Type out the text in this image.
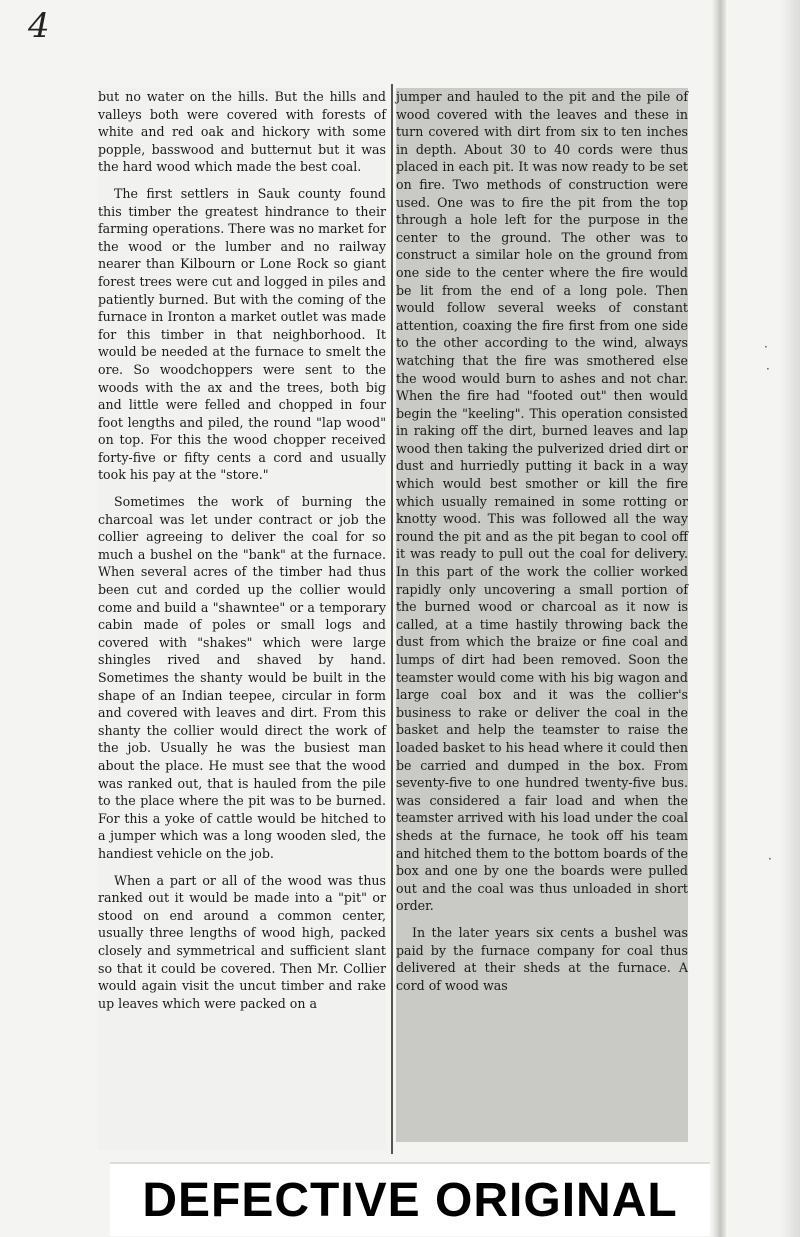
4

but no water on the hills. But the hills and valleys both were covered with forests of white and red oak and hickory with some popple, basswood and butternut but it was the hard wood which made the best coal.

The first settlers in Sauk county found this timber the greatest hindrance to their farming operations. There was no market for the wood or the lumber and no railway nearer than Kilbourn or Lone Rock so giant forest trees were cut and logged in piles and patiently burned. But with the coming of the furnace in Ironton a market outlet was made for this timber in that neighborhood. It would be needed at the furnace to smelt the ore. So woodchoppers were sent to the woods with the ax and the trees, both big and little were felled and chopped in four foot lengths and piled, the round "lap wood" on top. For this the wood chopper received forty-five or fifty cents a cord and usually took his pay at the "store."

Sometimes the work of burning the charcoal was let under contract or job the collier agreeing to deliver the coal for so much a bushel on the "bank" at the furnace. When several acres of the timber had thus been cut and corded up the collier would come and build a "shawntee" or a temporary cabin made of poles or small logs and covered with "shakes" which were large shingles rived and shaved by hand. Sometimes the shanty would be built in the shape of an Indian teepee, circular in form and covered with leaves and dirt. From this shanty the collier would direct the work of the job. Usually he was the busiest man about the place. He must see that the wood was ranked out, that is hauled from the pile to the place where the pit was to be burned. For this a yoke of cattle would be hitched to a jumper which was a long wooden sled, the handiest vehicle on the job.

When a part or all of the wood was thus ranked out it would be made into a "pit" or stood on end around a common center, usually three lengths of wood high, packed closely and symmetrical and sufficient slant so that it could be covered. Then Mr. Collier would again visit the uncut timber and rake up leaves which were packed on a

jumper and hauled to the pit and the pile of wood covered with the leaves and these in turn covered with dirt from six to ten inches in depth. About 30 to 40 cords were thus placed in each pit. It was now ready to be set on fire. Two methods of construction were used. One was to fire the pit from the top through a hole left for the purpose in the center to the ground. The other was to construct a similar hole on the ground from one side to the center where the fire would be lit from the end of a long pole. Then would follow several weeks of constant attention, coaxing the fire first from one side to the other according to the wind, always watching that the fire was smothered else the wood would burn to ashes and not char. When the fire had "footed out" then would begin the "keeling". This operation consisted in raking off the dirt, burned leaves and lap wood then taking the pulverized dried dirt or dust and hurriedly putting it back in a way which would best smother or kill the fire which usually remained in some rotting or knotty wood. This was followed all the way round the pit and as the pit began to cool off it was ready to pull out the coal for delivery. In this part of the work the collier worked rapidly only uncovering a small portion of the burned wood or charcoal as it now is called, at a time hastily throwing back the dust from which the braize or fine coal and lumps of dirt had been removed. Soon the teamster would come with his big wagon and large coal box and it was the collier's business to rake or deliver the coal in the basket and help the teamster to raise the loaded basket to his head where it could then be carried and dumped in the box. From seventy-five to one hundred twenty-five bus. was considered a fair load and when the teamster arrived with his load under the coal sheds at the furnace, he took off his team and hitched them to the bottom boards of the box and one by one the boards were pulled out and the coal was thus unloaded in short order.

In the later years six cents a bushel was paid by the furnace company for coal thus delivered at their sheds at the furnace. A cord of wood was

·
·
·
DEFECTIVE ORIGINAL
